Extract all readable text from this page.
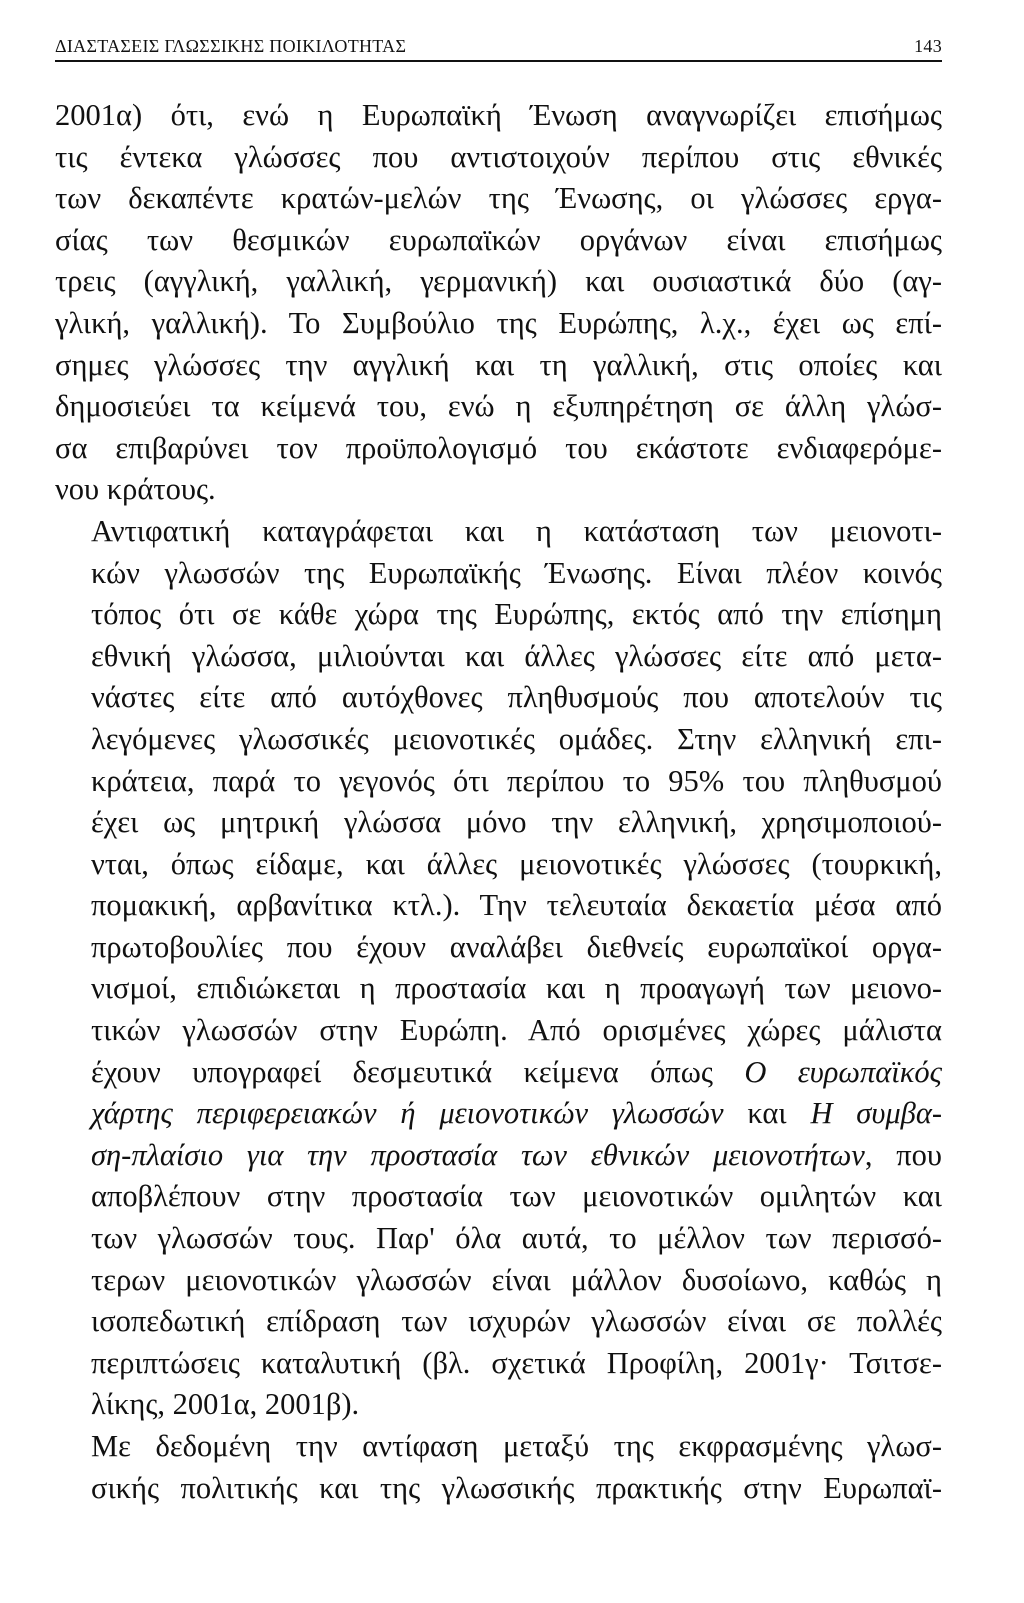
ΔΙΑΣΤΑΣΕΙΣ ΓΛΩΣΣΙΚΗΣ ΠΟΙΚΙΛΟΤΗΤΑΣ	143

2001α) ότι, ενώ η Ευρωπαϊκή Ένωση αναγνωρίζει επισήμως
τις έντεκα γλώσσες που αντιστοιχούν περίπου στις εθνικές
των δεκαπέντε κρατών-μελών της Ένωσης, οι γλώσσες εργα-
σίας των θεσμικών ευρωπαϊκών οργάνων είναι επισήμως
τρεις (αγγλική, γαλλική, γερμανική) και ουσιαστικά δύο (αγ-
γλική, γαλλική). Το Συμβούλιο της Ευρώπης, λ.χ., έχει ως επί-
σημες γλώσσες την αγγλική και τη γαλλική, στις οποίες και
δημοσιεύει τα κείμενά του, ενώ η εξυπηρέτηση σε άλλη γλώσ-
σα επιβαρύνει τον προϋπολογισμό του εκάστοτε ενδιαφερόμε-
νου κράτους.

Αντιφατική καταγράφεται και η κατάσταση των μειονοτι-
κών γλωσσών της Ευρωπαϊκής Ένωσης. Είναι πλέον κοινός
τόπος ότι σε κάθε χώρα της Ευρώπης, εκτός από την επίσημη
εθνική γλώσσα, μιλιούνται και άλλες γλώσσες είτε από μετα-
νάστες είτε από αυτόχθονες πληθυσμούς που αποτελούν τις
λεγόμενες γλωσσικές μειονοτικές ομάδες. Στην ελληνική επι-
κράτεια, παρά το γεγονός ότι περίπου το 95% του πληθυσμού
έχει ως μητρική γλώσσα μόνο την ελληνική, χρησιμοποιού-
νται, όπως είδαμε, και άλλες μειονοτικές γλώσσες (τουρκική,
πομακική, αρβανίτικα κτλ.). Την τελευταία δεκαετία μέσα από
πρωτοβουλίες που έχουν αναλάβει διεθνείς ευρωπαϊκοί οργα-
νισμοί, επιδιώκεται η προστασία και η προαγωγή των μειονο-
τικών γλωσσών στην Ευρώπη. Από ορισμένες χώρες μάλιστα
έχουν υπογραφεί δεσμευτικά κείμενα όπως Ο ευρωπαϊκός
χάρτης περιφερειακών ή μειονοτικών γλωσσών και Η συμβα-
ση-πλαίσιο για την προστασία των εθνικών μειονοτήτων, που
αποβλέπουν στην προστασία των μειονοτικών ομιλητών και
των γλωσσών τους. Παρ' όλα αυτά, το μέλλον των περισσό-
τερων μειονοτικών γλωσσών είναι μάλλον δυσοίωνο, καθώς η
ισοπεδωτική επίδραση των ισχυρών γλωσσών είναι σε πολλές
περιπτώσεις καταλυτική (βλ. σχετικά Προφίλη, 2001γ· Τσιτσε-
λίκης, 2001α, 2001β).

Με δεδομένη την αντίφαση μεταξύ της εκφρασμένης γλωσ-
σικής πολιτικής και της γλωσσικής πρακτικής στην Ευρωπαϊ-
